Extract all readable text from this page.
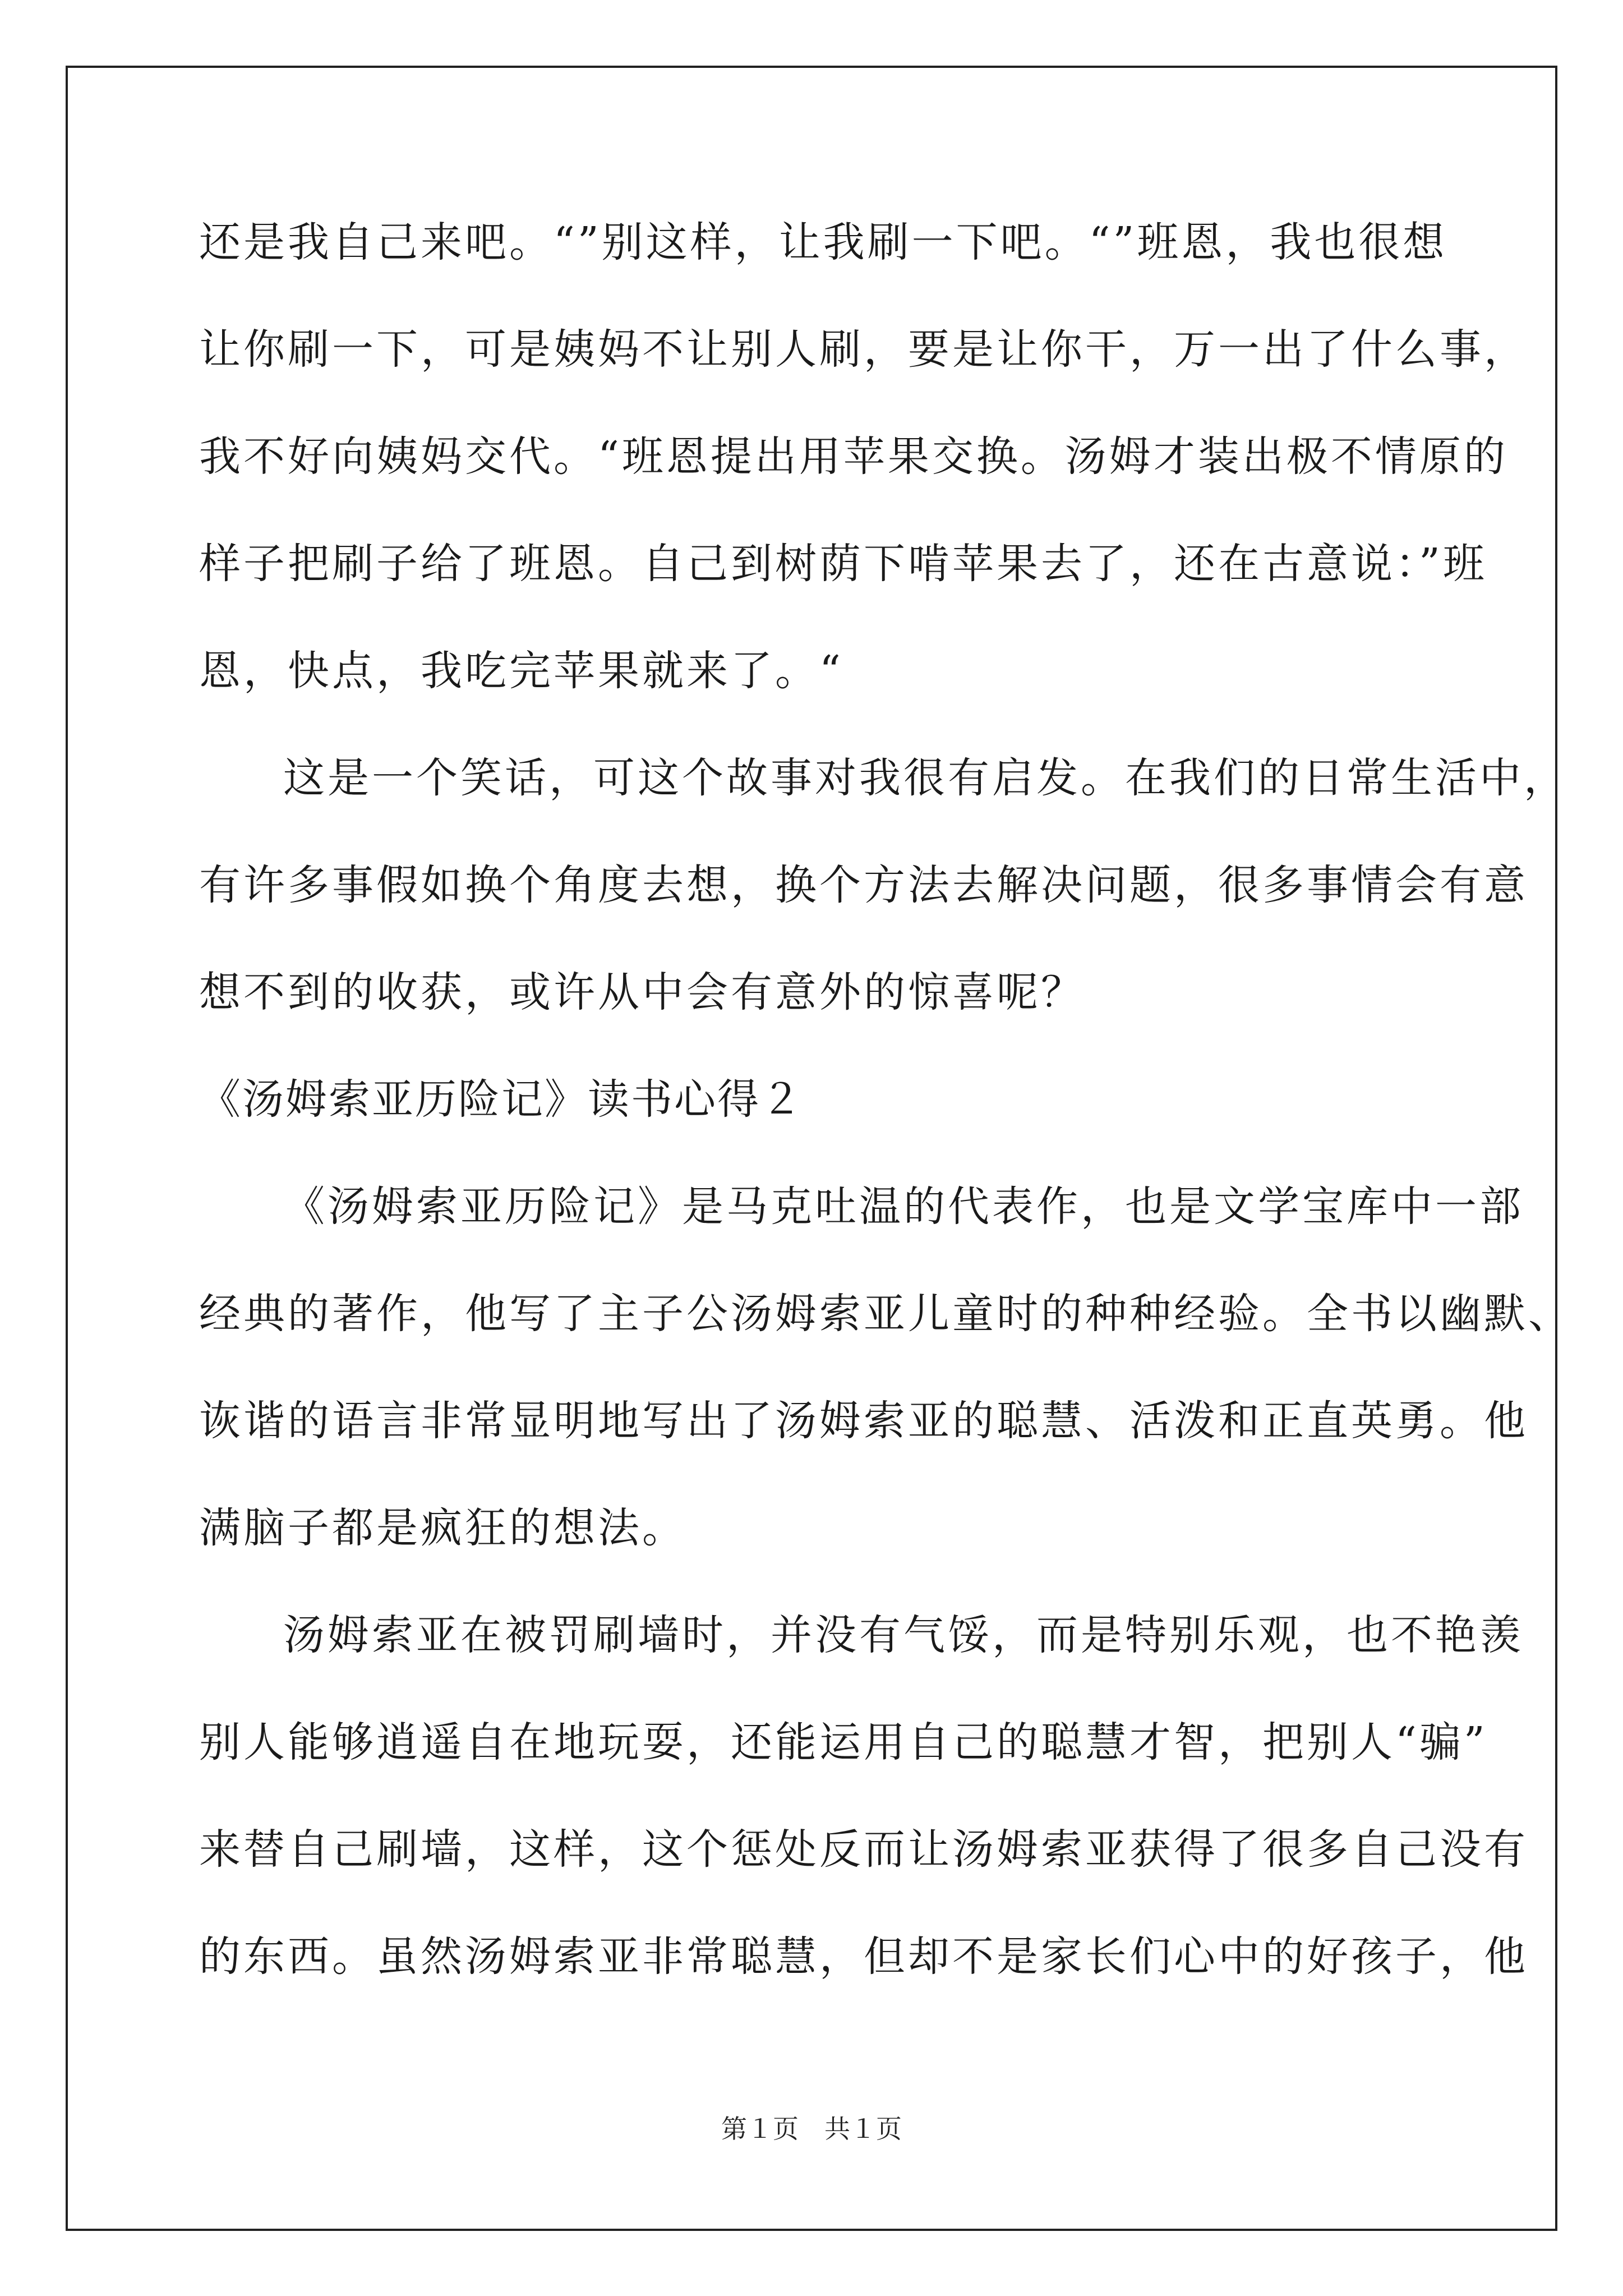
还是我自己来吧。“”别这样，让我刷一下吧。“”班恩，我也很想
让你刷一下，可是姨妈不让别人刷，要是让你干，万一出了什么事，
我不好向姨妈交代。“班恩提出用苹果交换。汤姆才装出极不情原的
样子把刷子给了班恩。自己到树荫下啃苹果去了，还在古意说：”班
恩，快点，我吃完苹果就来了。“
这是一个笑话，可这个故事对我很有启发。在我们的日常生活中，
有许多事假如换个角度去想，换个方法去解决问题，很多事情会有意
想不到的收获，或许从中会有意外的惊喜呢？
《汤姆索亚历险记》读书心得２
《汤姆索亚历险记》是马克吐温的代表作，也是文学宝库中一部
经典的著作，他写了主子公汤姆索亚儿童时的种种经验。全书以幽默、
诙谐的语言非常显明地写出了汤姆索亚的聪慧、活泼和正直英勇。他
满脑子都是疯狂的想法。
汤姆索亚在被罚刷墙时，并没有气馁，而是特别乐观，也不艳羡
别人能够逍遥自在地玩耍，还能运用自己的聪慧才智，把别人“骗”
来替自己刷墙，这样，这个惩处反而让汤姆索亚获得了很多自己没有
的东西。虽然汤姆索亚非常聪慧，但却不是家长们心中的好孩子，他
第１页　共１页
